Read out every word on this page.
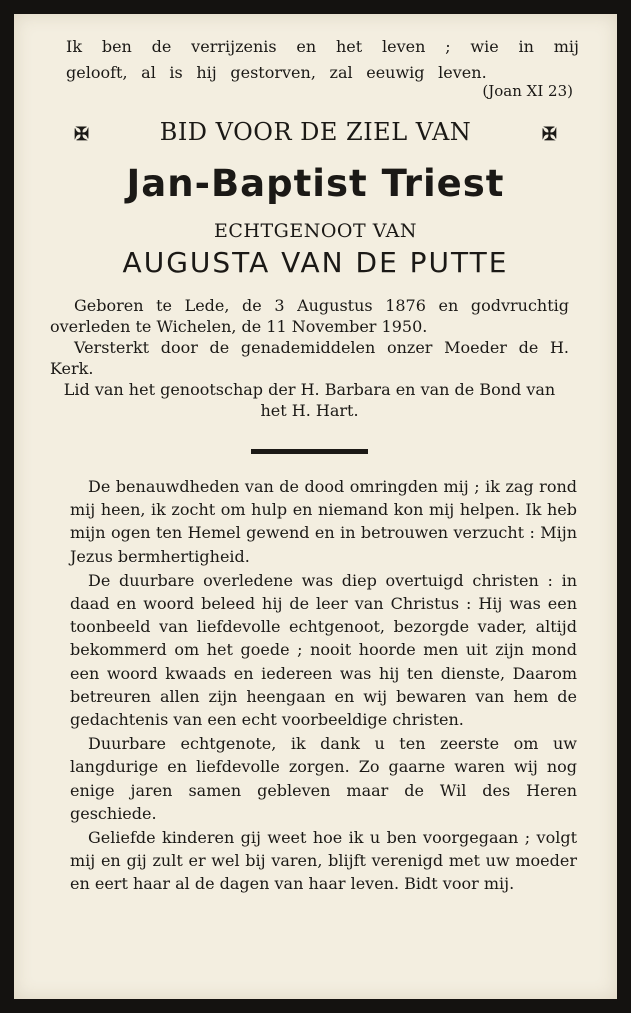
Ik ben de verrijzenis en het leven ; wie in mij

gelooft, al is hij gestorven, zal eeuwig leven.

(Joan XI 23)
✠	BID VOOR DE ZIEL VAN	✠
Jan-Baptist Triest
ECHTGENOOT VAN
AUGUSTA VAN DE PUTTE

Geboren te Lede, de 3 Augustus 1876 en godvruchtig overleden te Wichelen, de 11 November 1950.

Versterkt door de genademiddelen onzer Moeder de H. Kerk.

Lid van het genootschap der H. Barbara en van de Bond van het H. Hart.

De benauwdheden van de dood omringden mij ; ik zag rond mij heen, ik zocht om hulp en niemand kon mij helpen. Ik heb mijn ogen ten Hemel gewend en in betrouwen verzucht : Mijn Jezus bermhertigheid.

De duurbare overledene was diep overtuigd christen : in daad en woord beleed hij de leer van Christus : Hij was een toonbeeld van liefdevolle echtgenoot, bezorgde vader, altijd bekommerd om het goede ; nooit hoorde men uit zijn mond een woord kwaads en iedereen was hij ten dienste, Daarom betreuren allen zijn heengaan en wij bewaren van hem de gedachtenis van een echt voorbeeldige christen.

Duurbare echtgenote, ik dank u ten zeerste om uw langdurige en liefdevolle zorgen. Zo gaarne waren wij nog enige jaren samen gebleven maar de Wil des Heren geschiede.

Geliefde kinderen gij weet hoe ik u ben voorgegaan ; volgt mij en gij zult er wel bij varen, blijft verenigd met uw moeder en eert haar al de dagen van haar leven. Bidt voor mij.
